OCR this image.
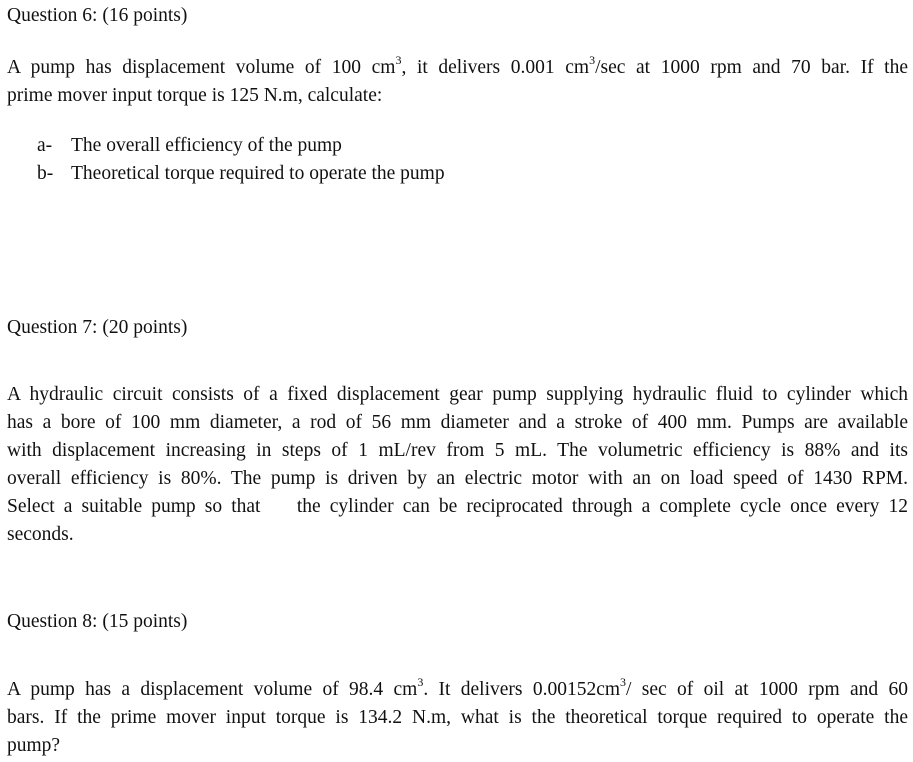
Question 6: (16 points)
A pump has displacement volume of 100 $cm^3$, it delivers 0.001 $cm^3/\sec$ at 1000 rpm and 70 bar. If the
prime mover input torque is 125 N.m, calculate:
a- The overall efficiency of the pump
b- Theoretical torque required to operate the pump
Question 7: (20 points)
A hydraulic circuit consists of a fixed displacement gear pump supplying hydraulic fluid to cylinder which
has a bore of 100 mm diameter, a rod of 56 mm diameter and a stroke of 400 mm. Pumps are available
with displacement increasing in steps of 1 mL/rev from 5 mL. The volumetric efficiency is 88% and its
overall efficiency is 80%. The pump is driven by an electric motor with an on load speed of 1430 RPM.
Select a suitable pump so that    the cylinder can be reciprocated through a complete cycle once every 12
seconds.
Question 8: (15 points)
A pump has a displacement volume of 98.4 $cm^3$. It delivers $0.00152cm^3/$ sec of oil at 1000 rpm and 60
bars. If the prime mover input torque is 134.2 N.m, what is the theoretical torque required to operate the
pump?
